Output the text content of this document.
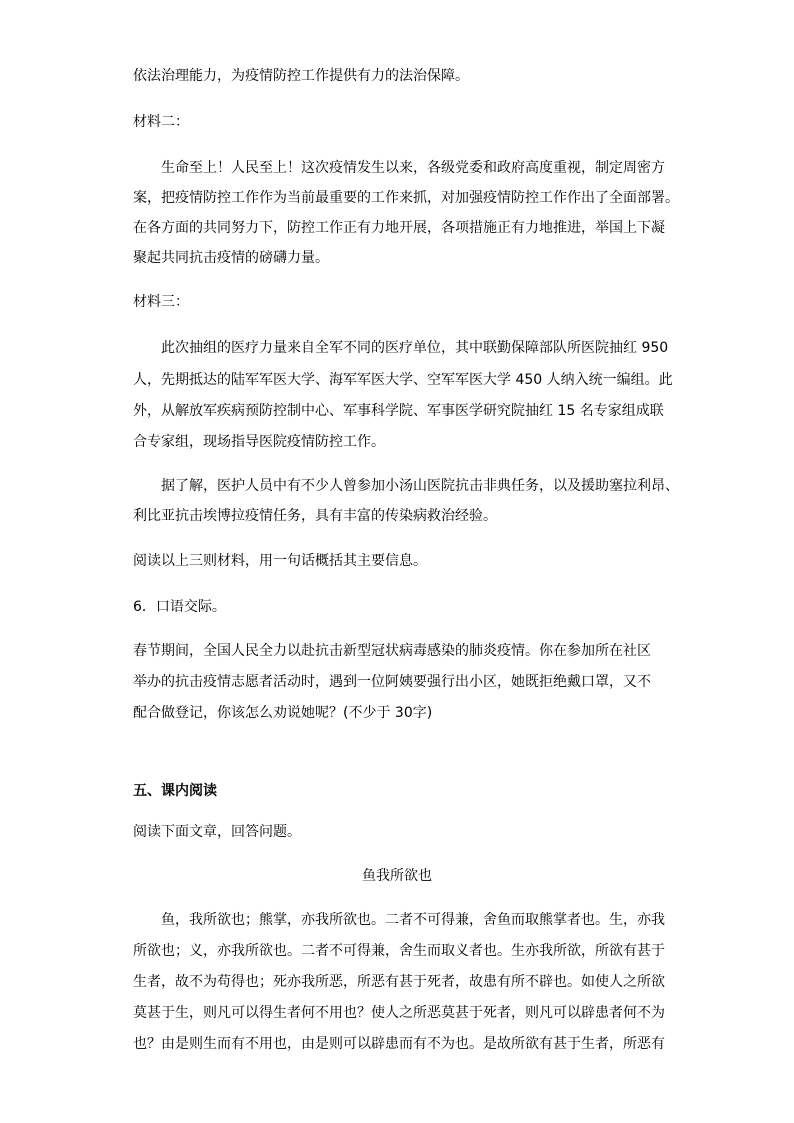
依法治理能力，为疫情防控工作提供有力的法治保障。
材料二：
生命至上！人民至上！这次疫情发生以来，各级党委和政府高度重视，制定周密方
案，把疫情防控工作作为当前最重要的工作来抓，对加强疫情防控工作作出了全面部署。
在各方面的共同努力下，防控工作正有力地开展，各项措施正有力地推进，举国上下凝
聚起共同抗击疫情的磅礴力量。
材料三：
此次抽组的医疗力量来自全军不同的医疗单位，其中联勤保障部队所医院抽红 950
人，先期抵达的陆军军医大学、海军军医大学、空军军医大学 450 人纳入统一编组。此
外，从解放军疾病预防控制中心、军事科学院、军事医学研究院抽红 15 名专家组成联
合专家组，现场指导医院疫情防控工作。
据了解，医护人员中有不少人曾参加小汤山医院抗击非典任务，以及援助塞拉利昂、
利比亚抗击埃博拉疫情任务，具有丰富的传染病救治经验。
阅读以上三则材料，用一句话概括其主要信息。
6．口语交际。
春节期间，全国人民全力以赴抗击新型冠状病毒感染的肺炎疫情。你在参加所在社区
举办的抗击疫情志愿者活动时，遇到一位阿姨要强行出小区，她既拒绝戴口罩，又不
配合做登记，你该怎么劝说她呢？(不少于 30字)
五、课内阅读
阅读下面文章，回答问题。
鱼我所欲也
鱼，我所欲也；熊掌，亦我所欲也。二者不可得兼，舍鱼而取熊掌者也。生，亦我
所欲也；义，亦我所欲也。二者不可得兼，舍生而取义者也。生亦我所欲，所欲有甚于
生者，故不为苟得也；死亦我所恶，所恶有甚于死者，故患有所不辟也。如使人之所欲
莫甚于生，则凡可以得生者何不用也？使人之所恶莫甚于死者，则凡可以辟患者何不为
也？由是则生而有不用也，由是则可以辟患而有不为也。是故所欲有甚于生者，所恶有
